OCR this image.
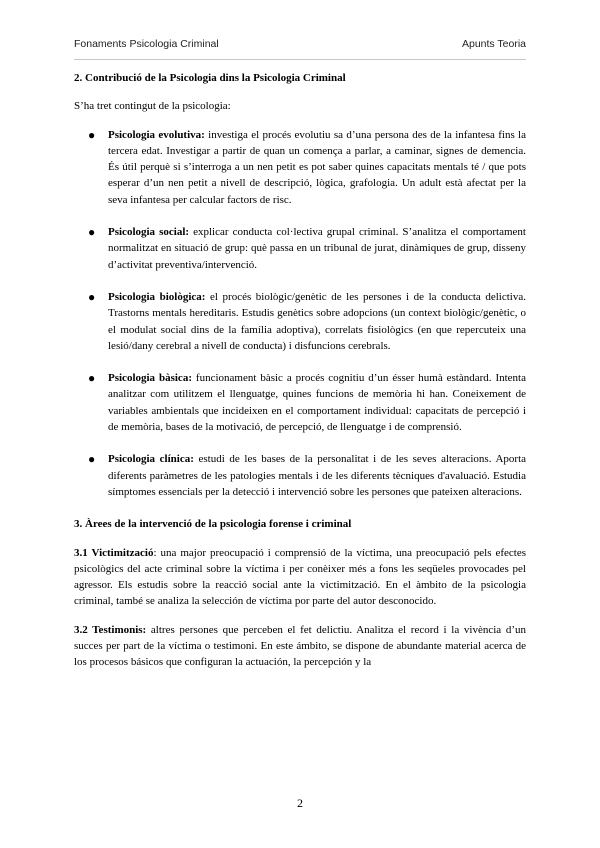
Fonaments Psicologia Criminal	Apunts Teoria
2. Contribució de la Psicologia dins la Psicologia Criminal

S’ha tret contingut de la psicologia:

● Psicologia evolutiva: investiga el procés evolutiu sa d’una persona des de la infantesa fins la tercera edat. Investigar a partir de quan un comença a parlar, a caminar, signes de demencia. És útil perquè si s’interroga a un nen petit es pot saber quines capacitats mentals té / que pots esperar d’un nen petit a nivell de descripció, lògica, grafologia. Un adult està afectat per la seva infantesa per calcular factors de risc.
● Psicologia social: explicar conducta col·lectiva grupal criminal. S’analitza el comportament normalitzat en situació de grup: què passa en un tribunal de jurat, dinàmiques de grup, disseny d’activitat preventiva/intervenció.
● Psicologia biològica: el procés biològic/genètic de les persones i de la conducta delictiva. Trastorns mentals hereditaris. Estudis genètics sobre adopcions (un context biològic/genètic, o el modulat social dins de la família adoptiva), correlats fisiològics (en que repercuteix una lesió/dany cerebral a nivell de conducta) i disfuncions cerebrals.
● Psicologia bàsica: funcionament bàsic a procés cognitiu d’un ésser humà estàndard. Intenta analitzar com utilitzem el llenguatge, quines funcions de memòria hi han. Coneixement de variables ambientals que incideixen en el comportament individual: capacitats de percepció i de memòria, bases de la motivació, de percepció, de llenguatge i de comprensió.
● Psicologia clínica: estudi de les bases de la personalitat i de les seves alteracions. Aporta diferents paràmetres de les patologies mentals i de les diferents tècniques d'avaluació. Estudia símptomes essencials per la detecció i intervenció sobre les persones que pateixen alteracions.
3. Àrees de la intervenció de la psicologia forense i criminal

3.1 Victimització: una major preocupació i comprensió de la víctima, una preocupació pels efectes psicològics del acte criminal sobre la víctima i per conèixer més a fons les seqüeles provocades pel agressor. Els estudis sobre la reacció social ante la victimització. En el àmbito de la psicologia criminal, també se analiza la selección de víctima por parte del autor desconocido.

3.2 Testimonis: altres persones que perceben el fet delictiu. Analitza el record i la vivència d’un succes per part de la víctima o testimoni. En este ámbito, se dispone de abundante material acerca de los procesos básicos que configuran la actuación, la percepción y la

2
